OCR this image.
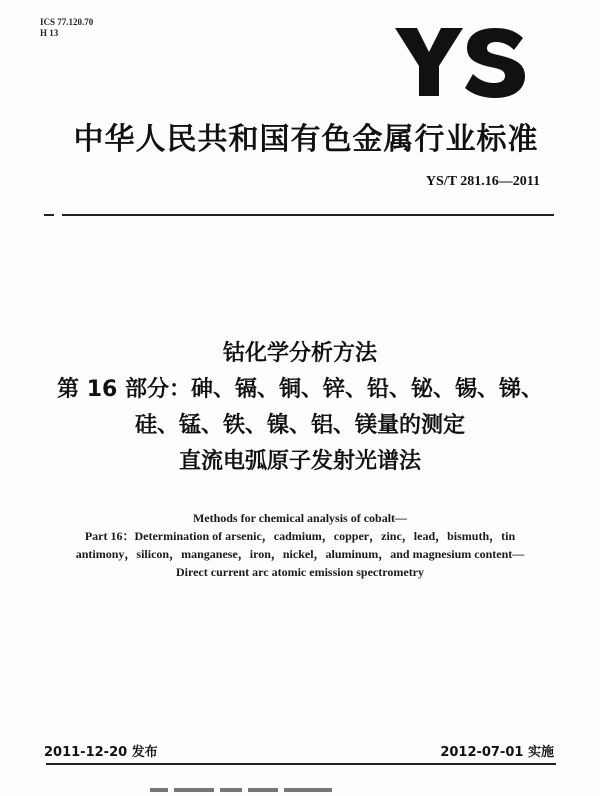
ICS 77.120.70
H 13
中华人民共和国有色金属行业标准
YS/T 281.16—2011
钴化学分析方法
第 16 部分：砷、镉、铜、锌、铅、铋、锡、锑、
硅、锰、铁、镍、铝、镁量的测定
直流电弧原子发射光谱法
Methods for chemical analysis of cobalt—
Part 16：Determination of arsenic，cadmium，copper，zinc，lead，bismuth，tin
antimony，silicon，manganese，iron，nickel，aluminum，and magnesium content—
Direct current arc atomic emission spectrometry
2011-12-20 发布	2012-07-01 实施
